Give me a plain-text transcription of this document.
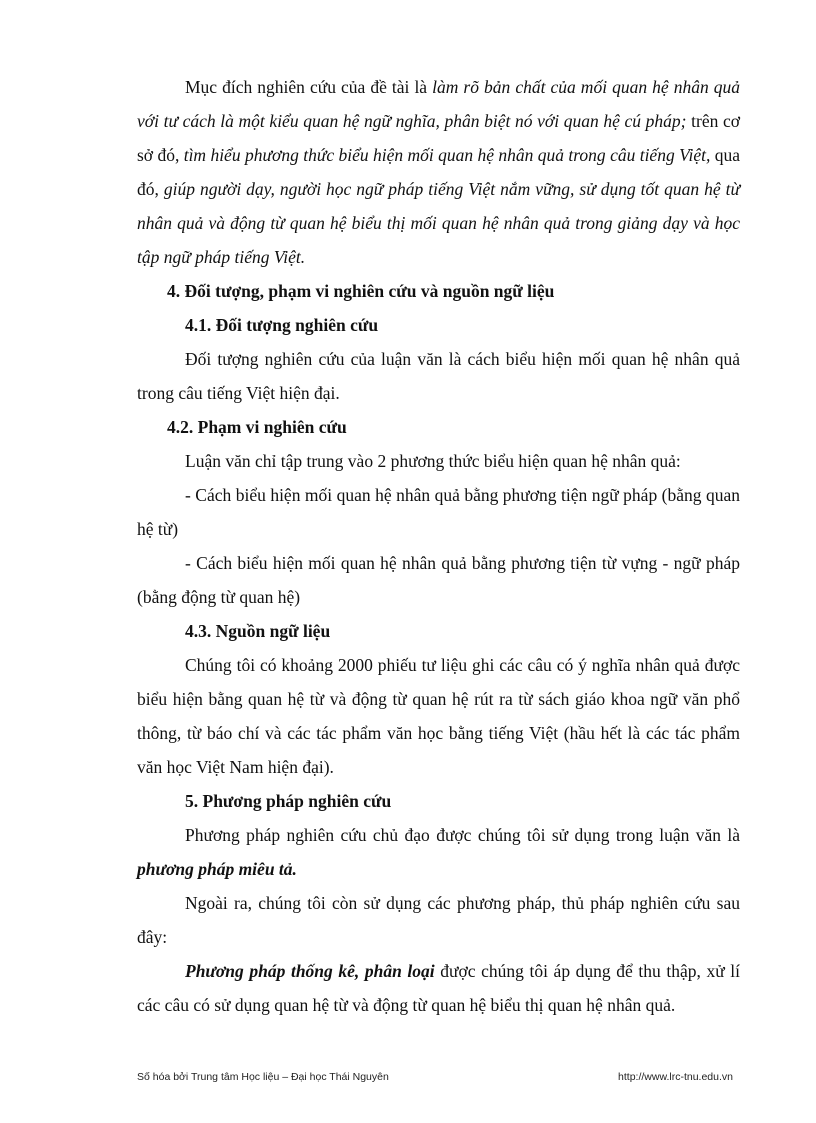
Mục đích nghiên cứu của đề tài là làm rõ bản chất của mối quan hệ nhân quả với tư cách là một kiểu quan hệ ngữ nghĩa, phân biệt nó với quan hệ cú pháp; trên cơ sở đó, tìm hiểu phương thức biểu hiện mối quan hệ nhân quả trong câu tiếng Việt, qua đó, giúp người dạy, người học ngữ pháp tiếng Việt nắm vững, sử dụng tốt quan hệ từ nhân quả và động từ quan hệ biểu thị mối quan hệ nhân quả trong giảng dạy và học tập ngữ pháp tiếng Việt.

4. Đối tượng, phạm vi nghiên cứu và nguồn ngữ liệu

4.1. Đối tượng nghiên cứu

Đối tượng nghiên cứu của luận văn là cách biểu hiện mối quan hệ nhân quả trong câu tiếng Việt hiện đại.

4.2. Phạm vi nghiên cứu

Luận văn chỉ tập trung vào 2 phương thức biểu hiện quan hệ nhân quả:

- Cách biểu hiện mối quan hệ nhân quả bằng phương tiện ngữ pháp (bằng quan hệ từ)

- Cách biểu hiện mối quan hệ nhân quả bằng phương tiện từ vựng - ngữ pháp (bằng động từ quan hệ)

4.3. Nguồn ngữ liệu

Chúng tôi có khoảng 2000 phiếu tư liệu ghi các câu có ý nghĩa nhân quả được biểu hiện bằng quan hệ từ và động từ quan hệ rút ra từ sách giáo khoa ngữ văn phổ thông, từ báo chí và các tác phẩm văn học bằng tiếng Việt (hầu hết là các tác phẩm văn học Việt Nam hiện đại).

5. Phương pháp nghiên cứu

Phương pháp nghiên cứu chủ đạo được chúng tôi sử dụng trong luận văn là phương pháp miêu tả.

Ngoài ra, chúng tôi còn sử dụng các phương pháp, thủ pháp nghiên cứu sau đây:

Phương pháp thống kê, phân loại được chúng tôi áp dụng để thu thập, xử lí các câu có sử dụng quan hệ từ và động từ quan hệ biểu thị quan hệ nhân quả.

Số hóa bởi Trung tâm Học liệu – Đại học Thái Nguyên	http://www.lrc-tnu.edu.vn
